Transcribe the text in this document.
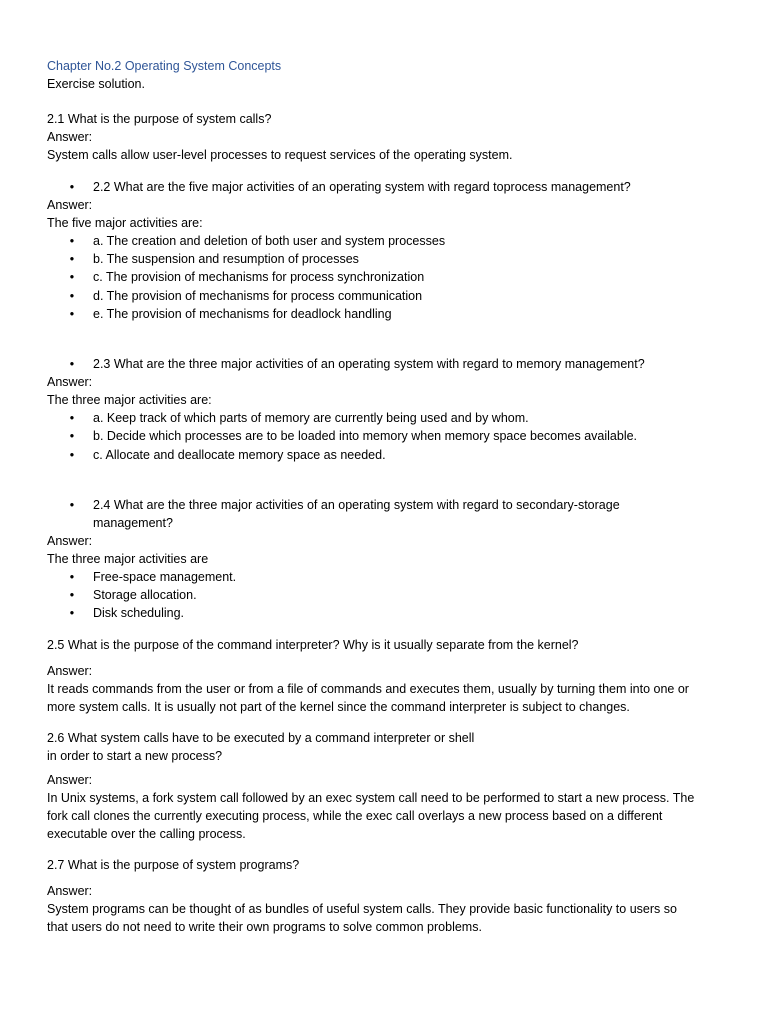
Chapter No.2 Operating System Concepts
Exercise solution.
2.1 What is the purpose of system calls?
Answer:
System calls allow user-level processes to request services of the operating system.
• 2.2 What are the five major activities of an operating system with regard toprocess management?
Answer:
The five major activities are:
• a. The creation and deletion of both user and system processes
• b. The suspension and resumption of processes
• c. The provision of mechanisms for process synchronization
• d. The provision of mechanisms for process communication
• e. The provision of mechanisms for deadlock handling
• 2.3 What are the three major activities of an operating system with regard to memory management?
Answer:
The three major activities are:
• a. Keep track of which parts of memory are currently being used and by whom.
• b. Decide which processes are to be loaded into memory when memory space becomes available.
• c. Allocate and deallocate memory space as needed.
• 2.4 What are the three major activities of an operating system with regard to secondary-storage
management?
Answer:
The three major activities are
• Free-space management.
• Storage allocation.
• Disk scheduling.
2.5 What is the purpose of the command interpreter? Why is it usually separate from the kernel?
Answer:
It reads commands from the user or from a file of commands and executes them, usually by turning them into one or
more system calls. It is usually not part of the kernel since the command interpreter is subject to changes.
2.6 What system calls have to be executed by a command interpreter or shell
in order to start a new process?
Answer:
In Unix systems, a fork system call followed by an exec system call need to be performed to start a new process. The
fork call clones the currently executing process, while the exec call overlays a new process based on a different
executable over the calling process.
2.7 What is the purpose of system programs?
Answer:
System programs can be thought of as bundles of useful system calls. They provide basic functionality to users so
that users do not need to write their own programs to solve common problems.
